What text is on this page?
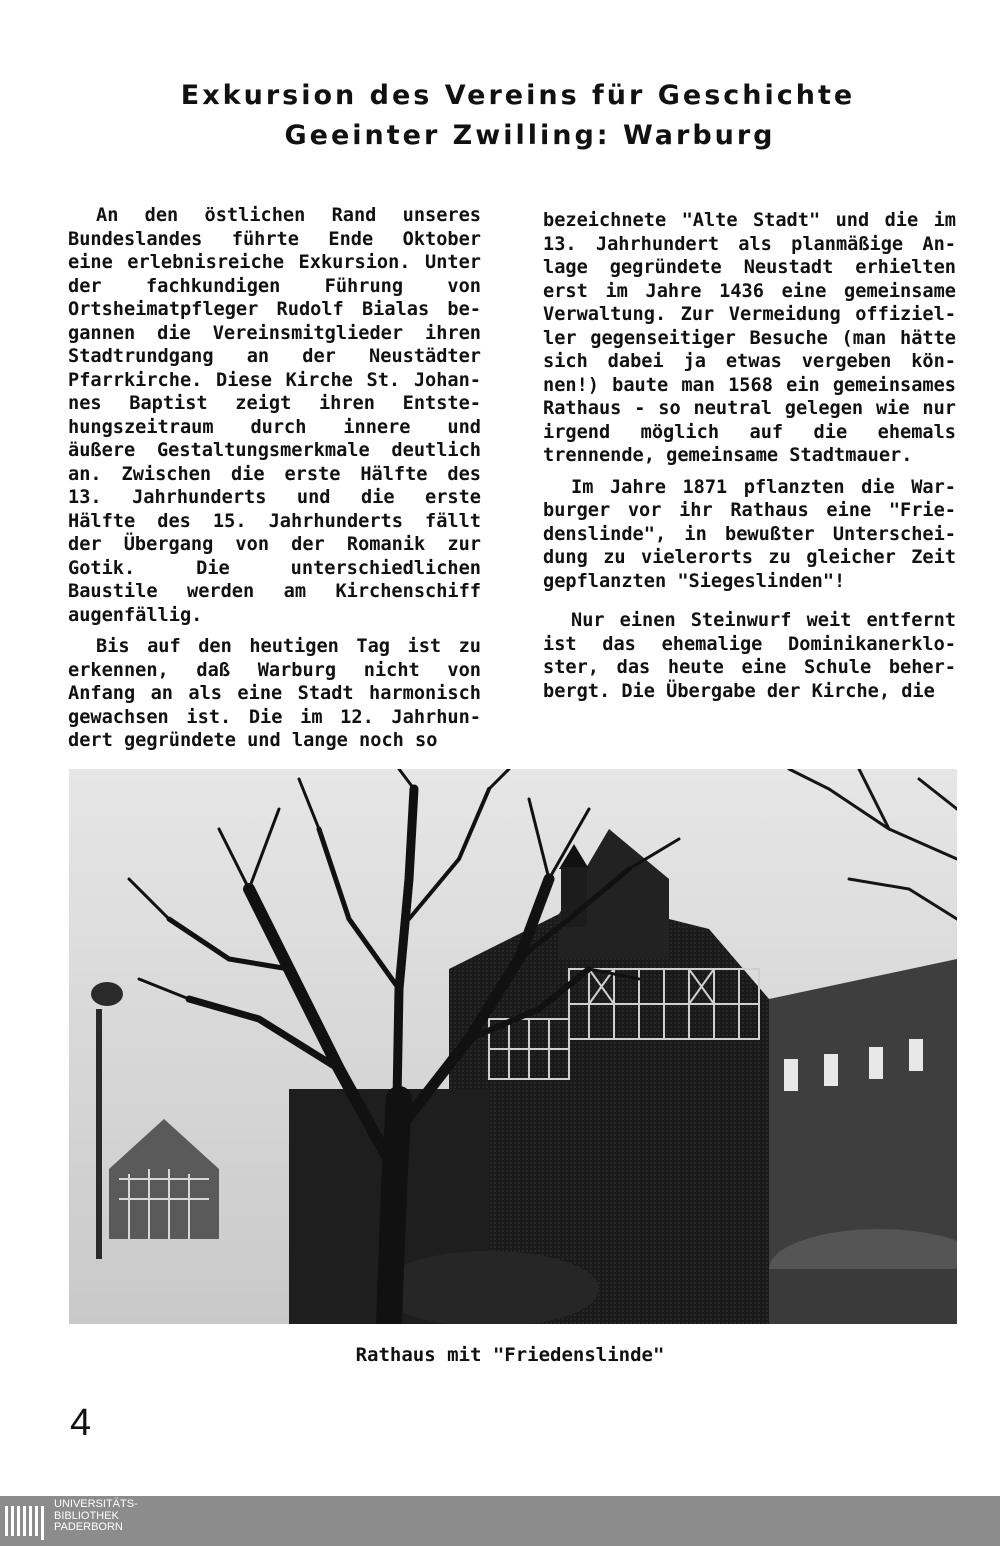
Exkursion des Vereins für Geschichte
Geeinter Zwilling: Warburg

An den östlichen Rand unseres Bundeslandes führte Ende Oktober eine erlebnisreiche Exkursion. Unter der fachkundigen Führung von Ortsheimatpfleger Rudolf Bialas begannen die Vereinsmitglieder ihren Stadtrundgang an der Neustädter Pfarrkirche. Diese Kirche St. Johannes Baptist zeigt ihren Entstehungszeitraum durch innere und äußere Gestaltungsmerkmale deutlich an. Zwischen die erste Hälfte des 13. Jahrhunderts und die erste Hälfte des 15. Jahrhunderts fällt der Übergang von der Romanik zur Gotik. Die unterschiedlichen Baustile werden am Kirchenschiff augenfällig.

Bis auf den heutigen Tag ist zu erkennen, daß Warburg nicht von Anfang an als eine Stadt harmonisch gewachsen ist. Die im 12. Jahrhundert gegründete und lange noch so

bezeichnete "Alte Stadt" und die im 13. Jahrhundert als planmäßige Anlage gegründete Neustadt erhielten erst im Jahre 1436 eine gemeinsame Verwaltung. Zur Vermeidung offizieller gegenseitiger Besuche (man hätte sich dabei ja etwas vergeben können!) baute man 1568 ein gemeinsames Rathaus - so neutral gelegen wie nur irgend möglich auf die ehemals trennende, gemeinsame Stadtmauer.

Im Jahre 1871 pflanzten die Warburger vor ihr Rathaus eine "Friedenslinde", in bewußter Unterscheidung zu vielerorts zu gleicher Zeit gepflanzten "Siegeslinden"!

Nur einen Steinwurf weit entfernt ist das ehemalige Dominikanerkloster, das heute eine Schule beherbergt. Die Übergabe der Kirche, die

Rathaus mit "Friedenslinde"
4
UNIVERSITÄTS-
BIBLIOTHEK
PADERBORN
